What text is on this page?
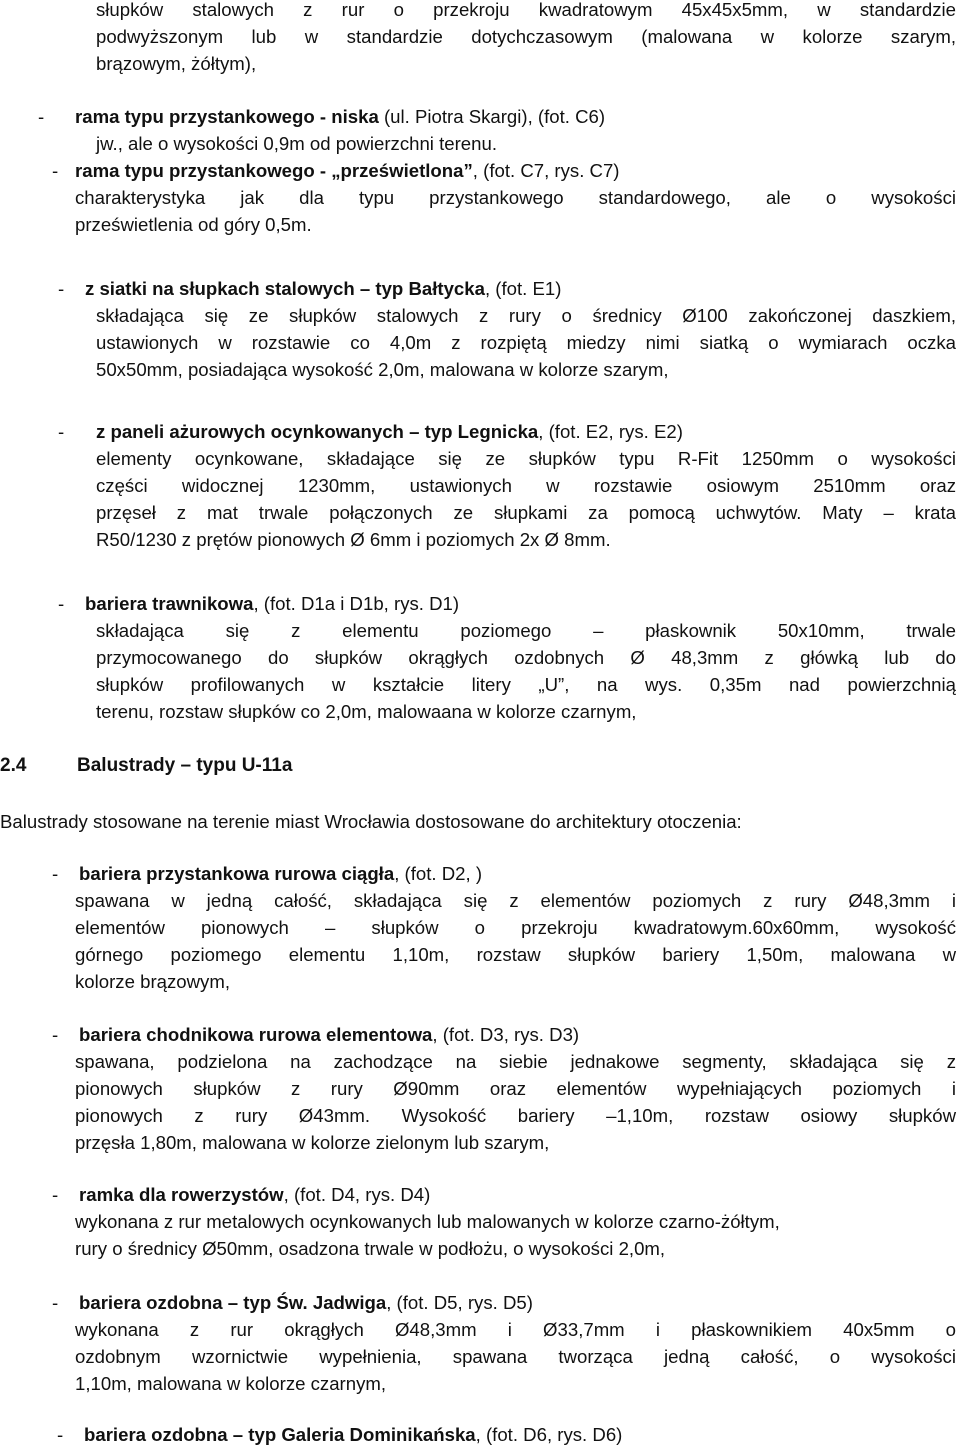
słupków stalowych z rur o przekroju kwadratowym 45x45x5mm, w standardzie
podwyższonym lub w standardzie dotychczasowym (malowana w kolorze szarym,
brązowym, żółtym),
- rama typu przystankowego - niska (ul. Piotra Skargi), (fot. C6)
jw., ale o wysokości 0,9m od powierzchni terenu.
- rama typu przystankowego - „prześwietlona”, (fot. C7, rys. C7)
charakterystyka jak dla typu przystankowego standardowego, ale o wysokości
prześwietlenia od góry 0,5m.
- z siatki na słupkach stalowych – typ Bałtycka, (fot. E1)
składająca się ze słupków stalowych z rury o średnicy Ø100 zakończonej daszkiem,
ustawionych w rozstawie co 4,0m z rozpiętą miedzy nimi siatką o wymiarach oczka
50x50mm, posiadająca wysokość 2,0m, malowana w kolorze szarym,
- z paneli ażurowych ocynkowanych – typ Legnicka, (fot. E2, rys. E2)
elementy ocynkowane, składające się ze słupków typu R-Fit 1250mm o wysokości
części widocznej 1230mm, ustawionych w rozstawie osiowym 2510mm oraz
przęseł z mat trwale połączonych ze słupkami za pomocą uchwytów. Maty – krata
R50/1230 z prętów pionowych Ø 6mm i poziomych 2x Ø 8mm.
- bariera trawnikowa, (fot. D1a i D1b, rys. D1)
składająca się z elementu poziomego – płaskownik 50x10mm, trwale
przymocowanego do słupków okrągłych ozdobnych Ø 48,3mm z główką lub do
słupków profilowanych w kształcie litery „U”, na wys. 0,35m nad powierzchnią
terenu, rozstaw słupków co 2,0m, malowaana w kolorze czarnym,
2.4	Balustrady – typu U-11a
Balustrady stosowane na terenie miast Wrocławia dostosowane do architektury otoczenia:
- bariera przystankowa rurowa ciągła, (fot. D2, )
spawana w jedną całość, składająca się z elementów poziomych z rury Ø48,3mm i
elementów pionowych – słupków o przekroju kwadratowym.60x60mm, wysokość
górnego poziomego elementu 1,10m, rozstaw słupków bariery 1,50m, malowana w
kolorze brązowym,
- bariera chodnikowa rurowa elementowa, (fot. D3, rys. D3)
spawana, podzielona na zachodzące na siebie jednakowe segmenty, składająca się z
pionowych słupków z rury Ø90mm oraz elementów wypełniających poziomych i
pionowych z rury Ø43mm. Wysokość bariery –1,10m, rozstaw osiowy słupków
przęsła 1,80m, malowana w kolorze zielonym lub szarym,
- ramka dla rowerzystów, (fot. D4, rys. D4)
wykonana z rur metalowych ocynkowanych lub malowanych w kolorze czarno-żółtym,
rury o średnicy Ø50mm, osadzona trwale w podłożu, o wysokości 2,0m,
- bariera ozdobna – typ Św. Jadwiga, (fot. D5, rys. D5)
wykonana z rur okrągłych Ø48,3mm i Ø33,7mm i płaskownikiem 40x5mm o
ozdobnym wzornictwie wypełnienia, spawana tworząca jedną całość, o wysokości
1,10m, malowana w kolorze czarnym,
- bariera ozdobna – typ Galeria Dominikańska, (fot. D6, rys. D6)
